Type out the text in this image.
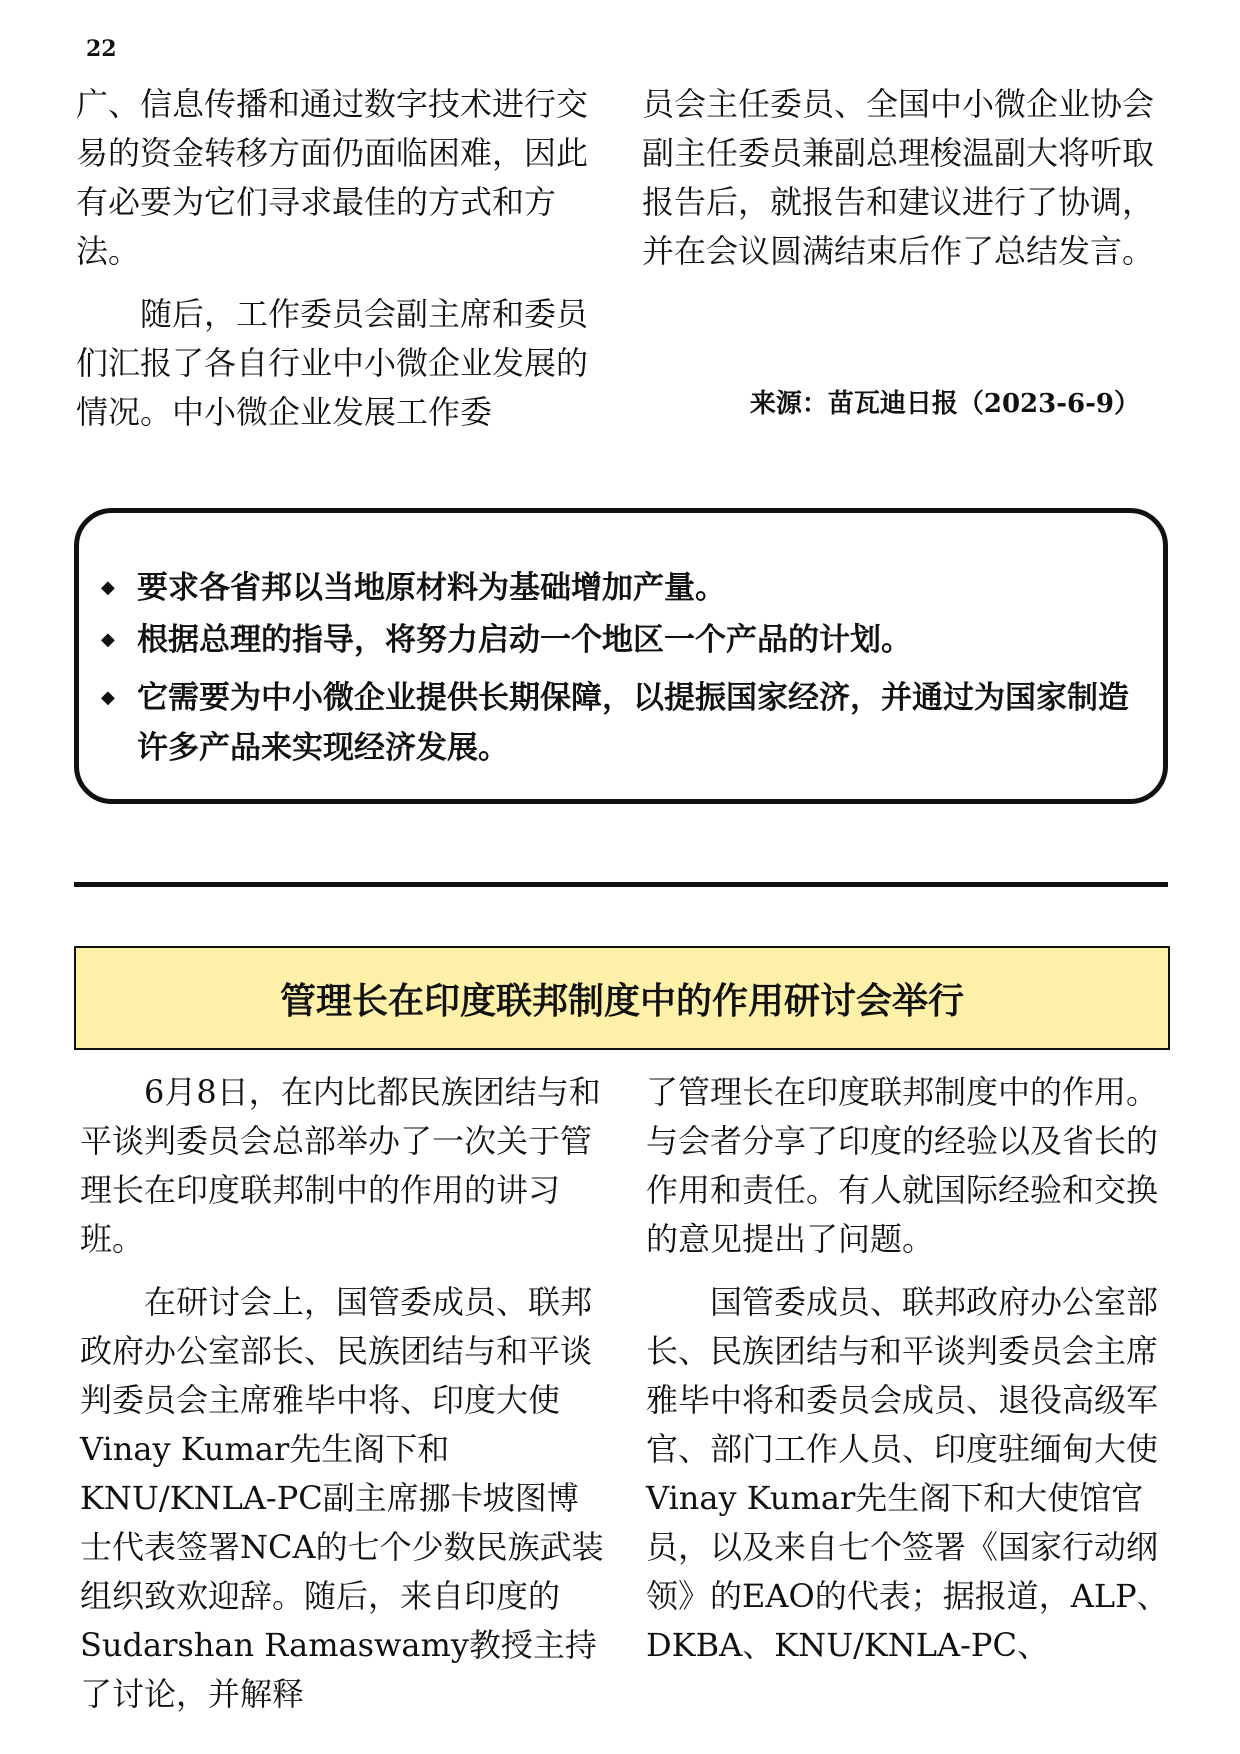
22

广、信息传播和通过数字技术进行交易的资金转移方面仍面临困难，因此有必要为它们寻求最佳的方式和方法。

随后，工作委员会副主席和委员们汇报了各自行业中小微企业发展的情况。中小微企业发展工作委

员会主任委员、全国中小微企业协会副主任委员兼副总理梭温副大将听取报告后，就报告和建议进行了协调，并在会议圆满结束后作了总结发言。

来源：苗瓦迪日报（2023-6-9）
◆ 要求各省邦以当地原材料为基础增加产量。
◆ 根据总理的指导，将努力启动一个地区一个产品的计划。
◆ 它需要为中小微企业提供长期保障，以提振国家经济，并通过为国家制造许多产品来实现经济发展。
管理长在印度联邦制度中的作用研讨会举行

6月8日，在内比都民族团结与和平谈判委员会总部举办了一次关于管理长在印度联邦制中的作用的讲习班。

在研讨会上，国管委成员、联邦政府办公室部长、民族团结与和平谈判委员会主席雅毕中将、印度大使Vinay Kumar先生阁下和KNU/KNLA-PC副主席挪卡坡图博士代表签署NCA的七个少数民族武装组织致欢迎辞。随后，来自印度的Sudarshan Ramaswamy教授主持了讨论，并解释

了管理长在印度联邦制度中的作用。与会者分享了印度的经验以及省长的作用和责任。有人就国际经验和交换的意见提出了问题。

国管委成员、联邦政府办公室部长、民族团结与和平谈判委员会主席雅毕中将和委员会成员、退役高级军官、部门工作人员、印度驻缅甸大使Vinay Kumar先生阁下和大使馆官员，以及来自七个签署《国家行动纲领》的EAO的代表；据报道，ALP、DKBA、KNU/KNLA-PC、
